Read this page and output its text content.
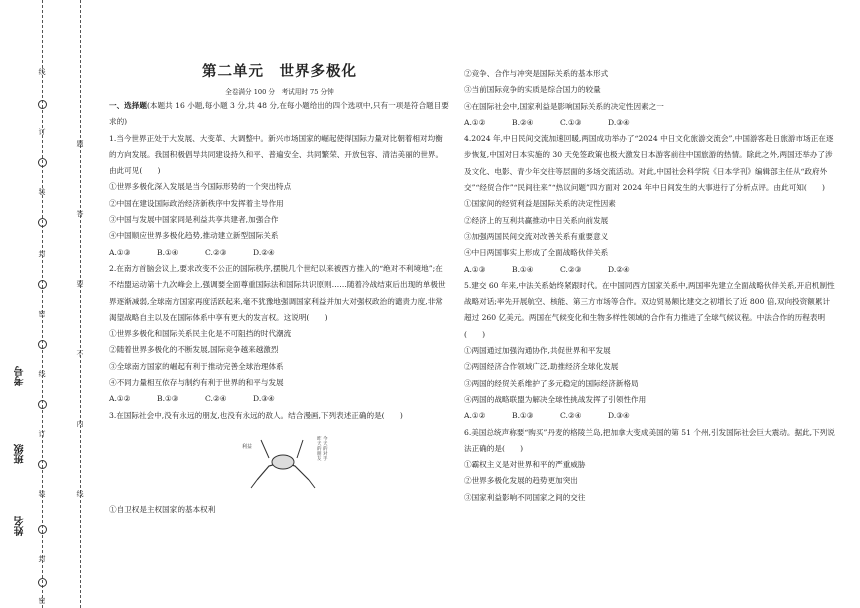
线
订
装
封
密
线
订
装
封
密
题
答
要
不
内
线
考号
班级
姓名
第二单元　世界多极化
全卷满分 100 分　考试用时 75 分钟

一、选择题(本题共 16 小题,每小题 3 分,共 48 分,在每小题给出的四个选项中,只有一项是符合题目要求的)

1.当今世界正处于大发展、大变革、大调整中。新兴市场国家的崛起使得国际力量对比朝着相对均衡的方向发展。我国积极倡导共同建设持久和平、普遍安全、共同繁荣、开放包容、清洁美丽的世界。由此可见(　　)

①世界多极化深入发展是当今国际形势的一个突出特点

②中国在建设国际政治经济新秩序中发挥着主导作用

③中国与发展中国家同是利益共享共建者,加强合作

④中国顺应世界多极化趋势,推动建立新型国际关系

A.①③	B.①④	C.②③	D.②④

2.在南方首脑会议上,要求改变不公正的国际秩序,摆脱几个世纪以来被西方推入的“绝对不利境地”;在不结盟运动第十九次峰会上,强调要全面尊重国际法和国际共识原则……随着冷战结束后出现的单极世界逐渐减弱,全球南方国家再度活跃起来,毫不犹豫地强调国家利益并加大对强权政治的谴责力度,非常渴望战略自主以及在国际体系中享有更大的发言权。这说明(　　)

①世界多极化和国际关系民主化是不可阻挡的时代潮流

②随着世界多极化的不断发展,国际竞争越来越激烈

③全球南方国家的崛起有利于推动完善全球治理体系

④不同力量相互依存与制约有利于世界的和平与发展

A.①②	B.①③	C.②④	D.③④

3.在国际社会中,没有永远的朋友,也没有永远的敌人。结合漫画,下列表述正确的是(　　)

利益
昨
天
的
朋
友
今
天
的
对
手

①自卫权是主权国家的基本权利

②竞争、合作与冲突是国际关系的基本形式

③当前国际竞争的实质是综合国力的较量

④在国际社会中,国家利益是影响国际关系的决定性因素之一

A.①②	B.②④	C.①③	D.③④

4.2024 年,中日民间交流加速回暖,两国成功举办了“2024 中日文化旅游交流会”,中国游客赴日旅游市场正在逐步恢复,中国对日本实施的 30 天免签政策也极大激发日本游客前往中国旅游的热情。除此之外,两国还举办了涉及文化、电影、青少年交往等层面的多场交流活动。对此,中国社会科学院《日本学刊》编辑部主任从“政府外交”“经贸合作”“民间往来”“热议问题”四方面对 2024 年中日间发生的大事进行了分析点评。由此可知(　　)

①国家间的经贸利益是国际关系的决定性因素

②经济上的互利共赢推动中日关系向前发展

③加强两国民间交流对改善关系有重要意义

④中日两国事实上形成了全面战略伙伴关系

A.①③	B.①④	C.②③	D.②④

5.建交 60 年来,中法关系始终紧跟时代。在中国同西方国家关系中,两国率先建立全面战略伙伴关系,开启机制性战略对话;率先开展航空、核能、第三方市场等合作。双边贸易额比建交之初增长了近 800 倍,双向投资额累计超过 260 亿美元。两国在气候变化和生物多样性领域的合作有力推进了全球气候议程。中法合作的历程表明(　　)

①两国通过加强沟通协作,共促世界和平发展

②两国经济合作领域广泛,助推经济全球化发展

③两国的经贸关系维护了多元稳定的国际经济新格局

④两国的战略联盟为解决全球性挑战发挥了引领性作用

A.①②	B.①③	C.②④	D.③④

6.美国总统声称要“购买”丹麦的格陵兰岛,把加拿大变成美国的第 51 个州,引发国际社会巨大震动。据此,下列说法正确的是(　　)

①霸权主义是对世界和平的严重威胁

②世界多极化发展的趋势更加突出

③国家利益影响不同国家之间的交往
